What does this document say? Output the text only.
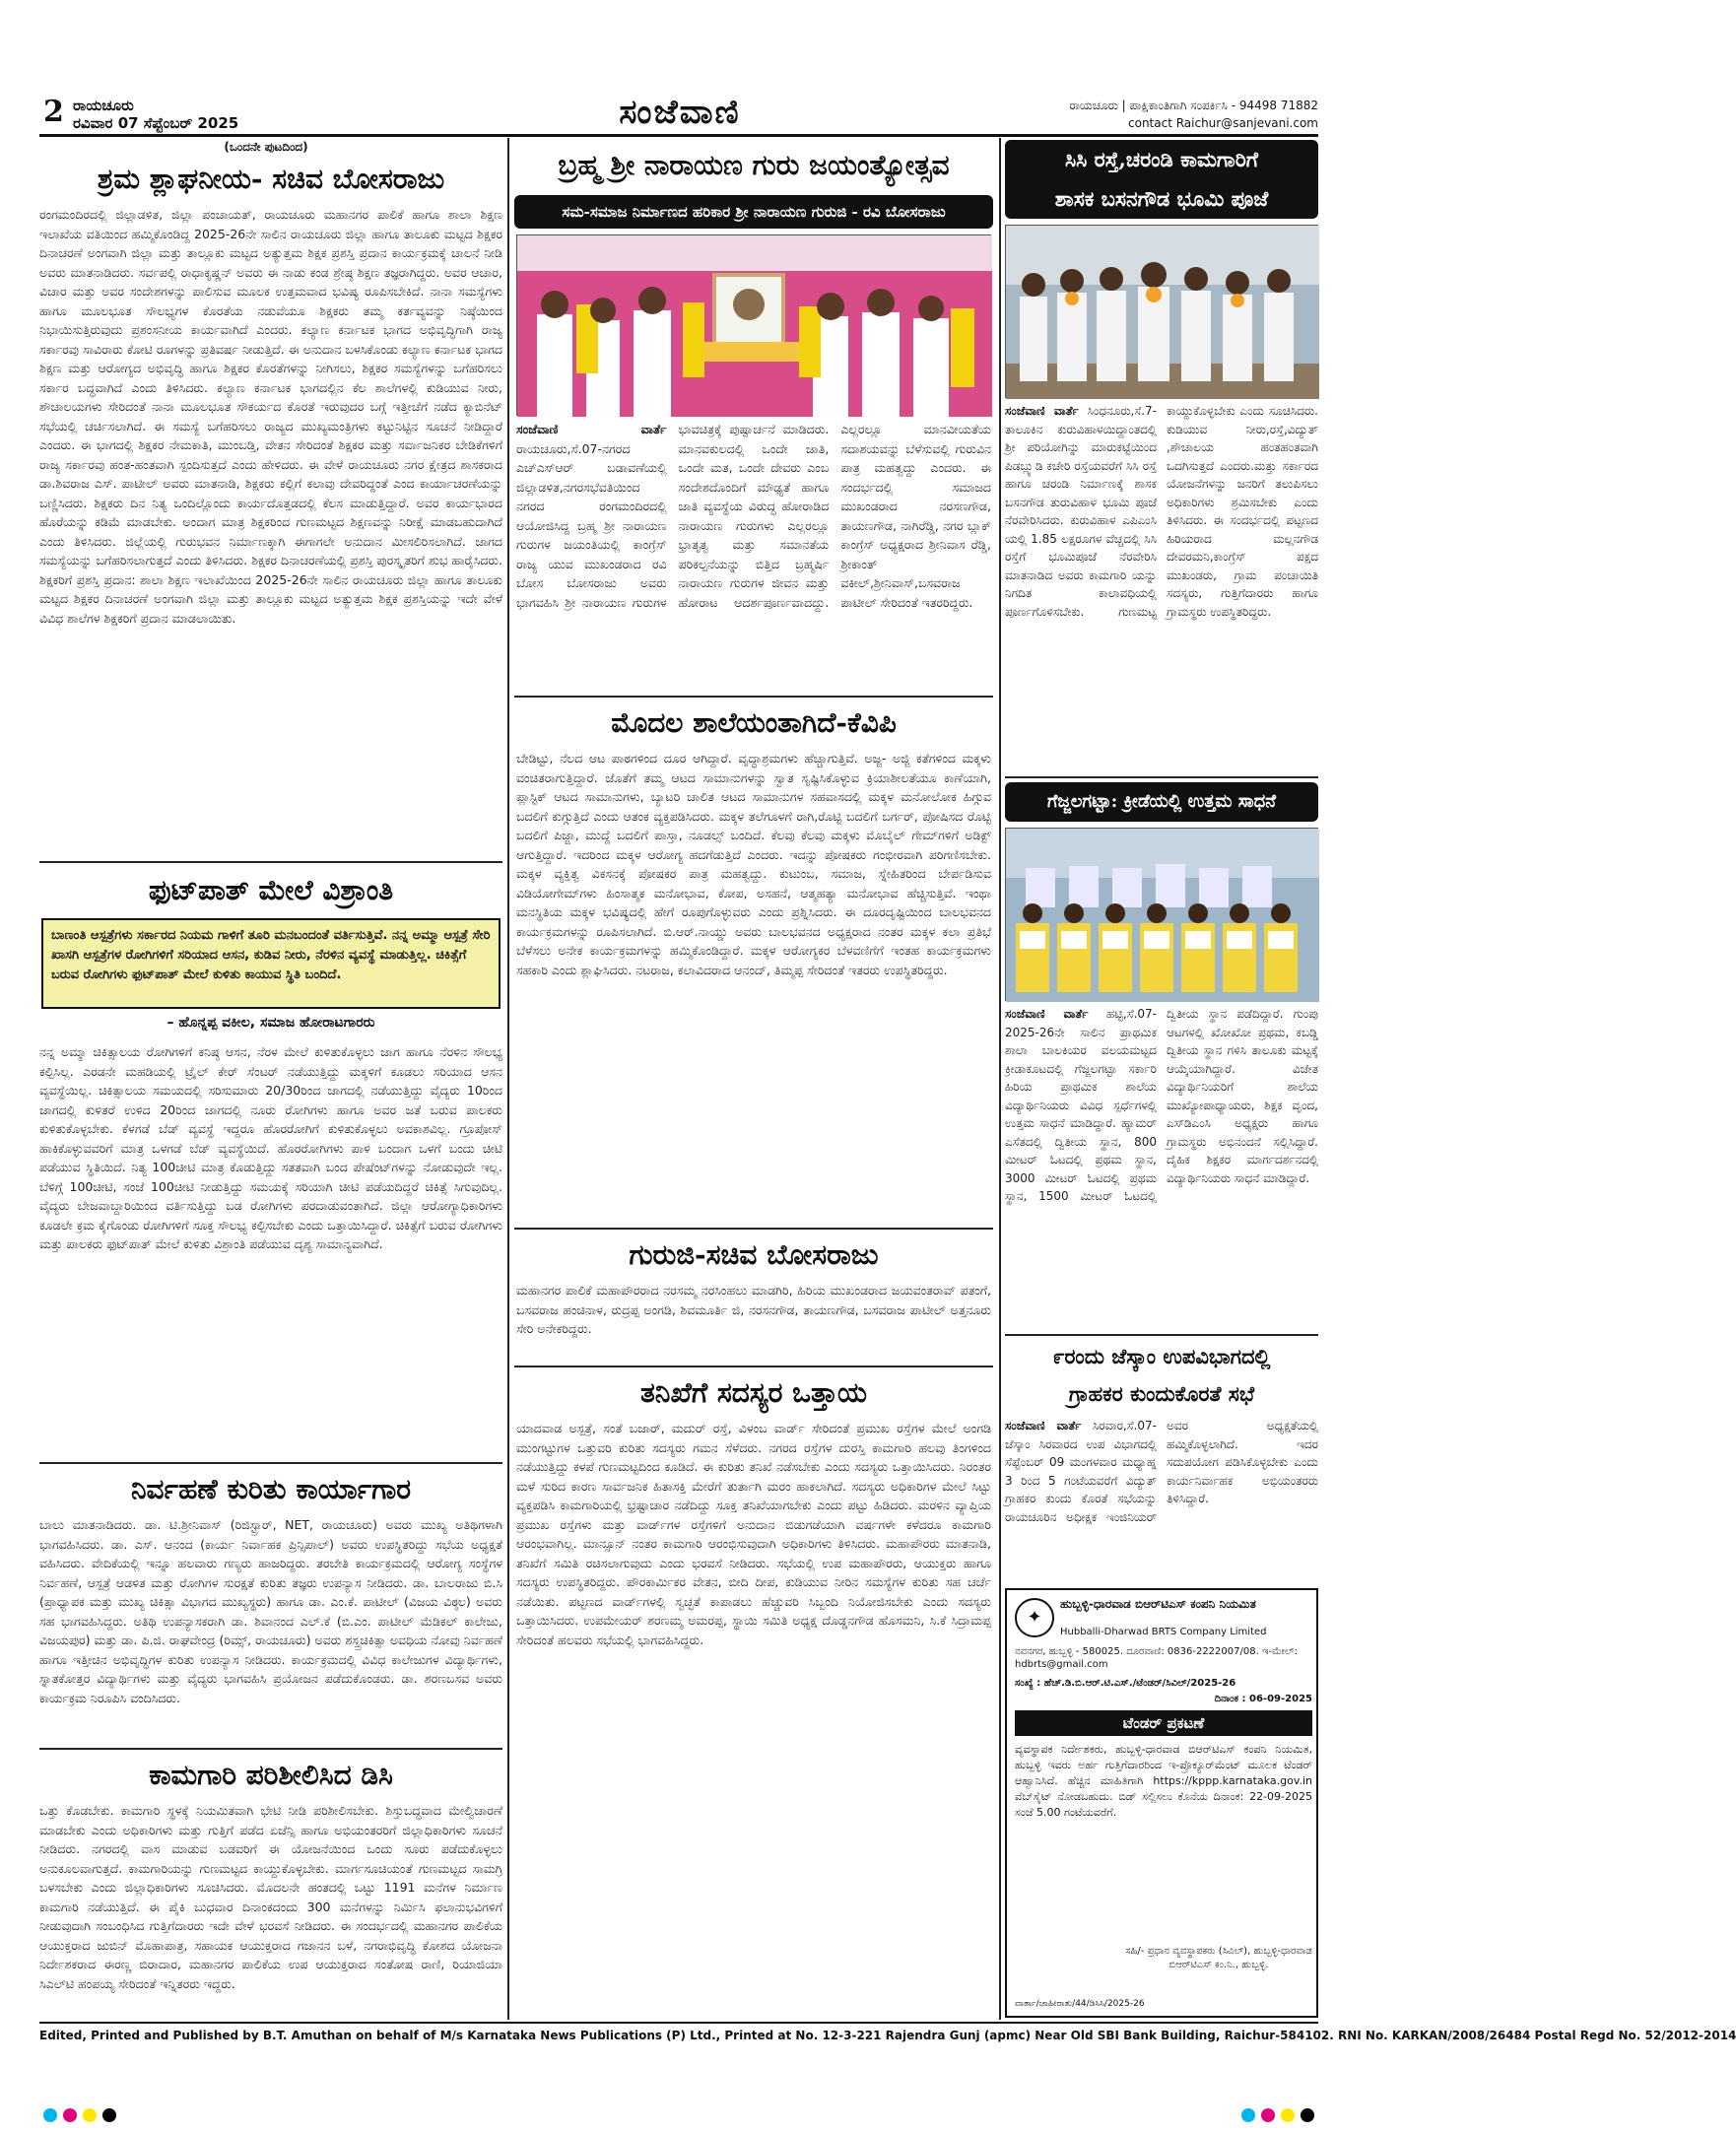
2 ರಾಯಚೂರು
ರವಿವಾರ 07 ಸೆಪ್ಟೆಂಬರ್ 2025	ಸಂಜೆವಾಣಿ	ರಾಯಚೂರು | ಪಾಕ್ಷಿಕಾಂತಿಗಾಗಿ ಸಂಪರ್ಕಿಸಿ - 94498 71882
contact Raichur@sanjevani.com
(ಒಂದನೇ ಪುಟದಿಂದ)
ಶ್ರಮ ಶ್ಲಾಘನೀಯ- ಸಚಿವ ಬೋಸರಾಜು
ರಂಗಮಂದಿರದಲ್ಲಿ ಜಿಲ್ಲಾಡಳಿತ, ಜಿಲ್ಲಾ ಪಂಚಾಯತ್, ರಾಯಚೂರು ಮಹಾನಗರ ಪಾಲಿಕೆ ಹಾಗೂ ಶಾಲಾ ಶಿಕ್ಷಣ ಇಲಾಖೆಯ ವತಿಯಿಂದ ಹಮ್ಮಿಕೊಂಡಿದ್ದ 2025-26ನೇ ಸಾಲಿನ ರಾಯಚೂರು ಜಿಲ್ಲಾ ಹಾಗೂ ತಾಲೂಕು ಮಟ್ಟದ ಶಿಕ್ಷಕರ ದಿನಾಚರಣೆ ಅಂಗವಾಗಿ ಜಿಲ್ಲಾ ಮತ್ತು ತಾಲ್ಲೂಕು ಮಟ್ಟದ ಅತ್ಯುತ್ತಮ ಶಿಕ್ಷಕ ಪ್ರಶಸ್ತಿ ಪ್ರದಾನ ಕಾರ್ಯಕ್ರಮಕ್ಕೆ ಚಾಲನೆ ನೀಡಿ ಅವರು ಮಾತನಾಡಿದರು. ಸರ್ವಪಲ್ಲಿ ರಾಧಾಕೃಷ್ಣನ್ ಅವರು ಈ ನಾಡು ಕಂಡ ಶ್ರೇಷ್ಠ ಶಿಕ್ಷಣ ತಜ್ಞರಾಗಿದ್ದರು. ಅವರ ಆಚಾರ, ವಿಚಾರ ಮತ್ತು ಅವರ ಸಂದೇಶಗಳನ್ನು ಪಾಲಿಸುವ ಮೂಲಕ ಉತ್ತಮವಾದ ಭವಿಷ್ಯ ರೂಪಿಸಬೇಕಿದೆ. ನಾನಾ ಸಮಸ್ಯೆಗಳು ಹಾಗೂ ಮೂಲಭೂತ ಸೌಲಭ್ಯಗಳ ಕೊರತೆಯ ನಡುವೆಯೂ ಶಿಕ್ಷಕರು ತಮ್ಮ ಕರ್ತವ್ಯವನ್ನು ನಿಷ್ಠೆಯಿಂದ ನಿಭಾಯಿಸುತ್ತಿರುವುದು ಪ್ರಶಂಸನೀಯ ಕಾರ್ಯವಾಗಿದೆ ಎಂದರು. ಕಲ್ಯಾಣ ಕರ್ನಾಟಕ ಭಾಗದ ಅಭಿವೃದ್ಧಿಗಾಗಿ ರಾಜ್ಯ ಸರ್ಕಾರವು ಸಾವಿರಾರು ಕೋಟಿ ರೂಗಳನ್ನು ಪ್ರತಿವರ್ಷ ನೀಡುತ್ತಿದೆ. ಈ ಅನುದಾನ ಬಳಸಿಕೊಂಡು ಕಲ್ಯಾಣ ಕರ್ನಾಟಕ ಭಾಗದ ಶಿಕ್ಷಣ ಮತ್ತು ಆರೋಗ್ಯದ ಅಭಿವೃದ್ಧಿ ಹಾಗೂ ಶಿಕ್ಷಕರ ಕೊರತೆಗಳನ್ನು ನೀಗಿಸಲು, ಶಿಕ್ಷಕರ ಸಮಸ್ಯೆಗಳನ್ನು ಬಗೆಹರಿಸಲು ಸರ್ಕಾರ ಬದ್ಧವಾಗಿದೆ ಎಂದು ತಿಳಿಸಿದರು. ಕಲ್ಯಾಣ ಕರ್ನಾಟಕ ಭಾಗದಲ್ಲಿನ ಕೆಲ ಶಾಲೆಗಳಲ್ಲಿ ಕುಡಿಯುವ ನೀರು, ಶೌಚಾಲಯಗಳು ಸೇರಿದಂತೆ ನಾನಾ ಮೂಲಭೂತ ಸೌಕರ್ಯದ ಕೊರತೆ ಇರುವುದರ ಬಗ್ಗೆ ಇತ್ತೀಚೆಗೆ ನಡೆದ ಕ್ಯಾಬಿನೆಟ್ ಸಭೆಯಲ್ಲಿ ಚರ್ಚಿಸಲಾಗಿದೆ. ಈ ಸಮಸ್ಯೆ ಬಗೆಹರಿಸಲು ರಾಜ್ಯದ ಮುಖ್ಯಮಂತ್ರಿಗಳು ಕಟ್ಟುನಿಟ್ಟಿನ ಸೂಚನೆ ನೀಡಿದ್ದಾರೆ ಎಂದರು. ಈ ಭಾಗದಲ್ಲಿ ಶಿಕ್ಷಕರ ನೇಮಕಾತಿ, ಮುಂಬಡ್ತಿ, ವೇತನ ಸೇರಿದಂತೆ ಶಿಕ್ಷಕರ ಮತ್ತು ಸರ್ವಾಜನಿಕರ ಬೇಡಿಕೆಗಳಿಗೆ ರಾಜ್ಯ ಸರ್ಕಾರವು ಹಂತ-ಹಂತವಾಗಿ ಸ್ಪಂದಿಸುತ್ತದೆ ಎಂದು ಹೇಳಿದರು. ಈ ವೇಳೆ ರಾಯಚೂರು ನಗರ ಕ್ಷೇತ್ರದ ಶಾಸಕರಾದ ಡಾ.ಶಿವರಾಜ ಎಸ್. ಪಾಟೀಲ್ ಅವರು ಮಾತನಾಡಿ, ಶಿಕ್ಷಕರು ಕಲ್ಲಿಗೆ ಕಲಾವು ದೇವರಿದ್ದಂತೆ ಎಂದ ಕಾರ್ಯಾಚರಣೆಯನ್ನು ಬಣ್ಣಿಸಿದರು. ಶಿಕ್ಷಕರು ದಿನ ನಿತ್ಯ ಒಂದಿಲ್ಲೊಂದು ಕಾರ್ಯದೊತ್ತಡದಲ್ಲಿ ಕೆಲಸ ಮಾಡುತ್ತಿದ್ದಾರೆ. ಅವರ ಕಾರ್ಯಭಾರದ ಹೊರೆಯನ್ನು ಕಡಿಮೆ ಮಾಡಬೇಕು. ಅಂದಾಗ ಮಾತ್ರ ಶಿಕ್ಷಕರಿಂದ ಗುಣಮಟ್ಟದ ಶಿಕ್ಷಣವನ್ನು ನಿರೀಕ್ಷೆ ಮಾಡಬಹುದಾಗಿದೆ ಎಂದು ತಿಳಿಸಿದರು. ಜಿಲ್ಲೆಯಲ್ಲಿ ಗುರುಭವನ ನಿರ್ಮಾಣಕ್ಕಾಗಿ ಈಗಾಗಲೇ ಅನುದಾನ ಮೀಸಲಿರಿಸಲಾಗಿದೆ. ಜಾಗದ ಸಮಸ್ಯೆಯನ್ನು ಬಗೆಹರಿಸಲಾಗುತ್ತದೆ ಎಂದು ತಿಳಿಸಿದರು. ಶಿಕ್ಷಕರ ದಿನಾಚರಣೆಯಲ್ಲಿ ಪ್ರಶಸ್ತಿ ಪುರಸ್ಕೃತರಿಗೆ ಶುಭ ಹಾರೈಸಿದರು. ಶಿಕ್ಷಕರಿಗೆ ಪ್ರಶಸ್ತಿ ಪ್ರದಾನ: ಶಾಲಾ ಶಿಕ್ಷಣ ಇಲಾಖೆಯಿಂದ 2025-26ನೇ ಸಾಲಿನ ರಾಯಚೂರು ಜಿಲ್ಲಾ ಹಾಗೂ ತಾಲೂಕು ಮಟ್ಟದ ಶಿಕ್ಷಕರ ದಿನಾಚರಣೆ ಅಂಗವಾಗಿ ಜಿಲ್ಲಾ ಮತ್ತು ತಾಲ್ಲೂಕು ಮಟ್ಟದ ಅತ್ಯುತ್ತಮ ಶಿಕ್ಷಕ ಪ್ರಶಸ್ತಿಯನ್ನು ಇದೇ ವೇಳೆ ವಿವಿಧ ಶಾಲೆಗಳ ಶಿಕ್ಷಕರಿಗೆ ಪ್ರದಾನ ಮಾಡಲಾಯಿತು.
ಫುಟ್‌ಪಾತ್ ಮೇಲೆ ವಿಶ್ರಾಂತಿ
ಬಾಣಂತಿ ಆಸ್ಪತ್ರೆಗಳು ಸರ್ಕಾರದ ನಿಯಮ ಗಾಳಿಗೆ ತೂರಿ ಮನಬಂದಂತೆ ವರ್ತಿಸುತ್ತಿವೆ. ನನ್ನ ಅಮ್ಮಾ ಆಸ್ಪತ್ರೆ ಸೇರಿ ಖಾಸಗಿ ಆಸ್ಪತ್ರೆಗಳ ರೋಗಿಗಳಿಗೆ ಸರಿಯಾದ ಆಸನ, ಕುಡಿವ ನೀರು, ನೆರಳಿನ ವ್ಯವಸ್ಥೆ ಮಾಡುತ್ತಿಲ್ಲ. ಚಿಕಿತ್ಸೆಗೆ ಬರುವ ರೋಗಿಗಳು ಫುಟ್‌ಪಾತ್ ಮೇಲೆ ಕುಳಿತು ಕಾಯುವ ಸ್ಥಿತಿ ಬಂದಿದೆ.
– ಹೊನ್ನಪ್ಪ ವಕೀಲ, ಸಮಾಜ ಹೋರಾಟಗಾರರು
ನನ್ನ ಅಮ್ಮಾ ಚಿಕಿತ್ಸಾಲಯ ರೋಗಿಗಳಿಗೆ ಕನಿಷ್ಠ ಆಸನ, ನೆರಳ ಮೇಲೆ ಕುಳಿತುಕೊಳ್ಳಲು ಜಾಗ ಹಾಗೂ ನೆರಳಿನ ಸೌಲಭ್ಯ ಕಲ್ಪಿಸಿಲ್ಲ. ಎರಡನೇ ಮಹಡಿಯಲ್ಲಿ ಟ್ರೈಲ್ ಕೇರ್ ಸೆಂಟರ್ ನಡೆಯುತ್ತಿದ್ದು ಮಕ್ಕಳಿಗೆ ಕೂಡಲು ಸರಿಯಾದ ಆಸನ ವ್ಯವಸ್ಥೆಯಿಲ್ಲ. ಚಿಕಿತ್ಸಾಲಯ ಸಮಯದಲ್ಲಿ ಸರಿಸುಮಾರು 20/30ರಿಂದ ಜಾಗದಲ್ಲಿ ನಡೆಯುತ್ತಿದ್ದು ವೈದ್ಯರು 10ರಿಂದ ಜಾಗದಲ್ಲಿ ಕುಳಿತರೆ ಉಳಿದ 20ರಿಂದ ಜಾಗದಲ್ಲಿ ನೂರು ರೋಗಿಗಳು ಹಾಗೂ ಅವರ ಜತೆ ಬರುವ ಪಾಲಕರು ಕುಳಿತುಕೊಳ್ಳಬೇಕು. ಕೆಳಗಡೆ ಬೆಡ್ ವ್ಯವಸ್ಥೆ ಇದ್ದರೂ ಹೊರರೋಗಿಗೆ ಕುಳಿತುಕೊಳ್ಳಲು ಅವಕಾಶವಿಲ್ಲ. ಗ್ರೂಪೋಸ್ ಹಾಕಿಕೊಳ್ಳುವವರಿಗೆ ಮಾತ್ರ ಒಳಗಡೆ ಬೆಡ್ ವ್ಯವಸ್ಥೆಯಿದೆ. ಹೊರರೋಗಿಗಳು ಪಾಳಿ ಬಂದಾಗ ಒಳಗೆ ಬಂದು ಚೀಟಿ ಪಡೆಯುವ ಸ್ಥಿತಿಯಿದೆ. ನಿತ್ಯ 100ಚೀಟಿ ಮಾತ್ರ ಕೊಡುತ್ತಿದ್ದು ಸತತವಾಗಿ ಬಂದ ಪೇಷೆಂಟ್‌ಗಳನ್ನು ನೋಡುವುದೇ ಇಲ್ಲ. ಬೆಳಿಗ್ಗೆ 100ಚೀಟಿ, ಸಂಜೆ 100ಚೀಟಿ ನೀಡುತ್ತಿದ್ದು ಸಮಯಕ್ಕೆ ಸರಿಯಾಗಿ ಚೀಟಿ ಪಡೆಯದಿದ್ದರೆ ಚಿಕಿತ್ಸೆ ಸಿಗುವುದಿಲ್ಲ. ವೈದ್ಯರು ಬೇಜವಾಬ್ದಾರಿಯಿಂದ ವರ್ತಿಸುತ್ತಿದ್ದು ಬಡ ರೋಗಿಗಳು ಪರದಾಡುವಂತಾಗಿದೆ. ಜಿಲ್ಲಾ ಆರೋಗ್ಯಾಧಿಕಾರಿಗಳು ಕೂಡಲೇ ಕ್ರಮ ಕೈಗೊಂಡು ರೋಗಿಗಳಿಗೆ ಸೂಕ್ತ ಸೌಲಭ್ಯ ಕಲ್ಪಿಸಬೇಕು ಎಂದು ಒತ್ತಾಯಿಸಿದ್ದಾರೆ. ಚಿಕಿತ್ಸೆಗೆ ಬರುವ ರೋಗಿಗಳು ಮತ್ತು ಪಾಲಕರು ಫುಟ್‌ಪಾತ್ ಮೇಲೆ ಕುಳಿತು ವಿಶ್ರಾಂತಿ ಪಡೆಯುವ ದೃಶ್ಯ ಸಾಮಾನ್ಯವಾಗಿದೆ.
ನಿರ್ವಹಣೆ ಕುರಿತು ಕಾರ್ಯಾಗಾರ
ಬಾಲು ಮಾತನಾಡಿದರು. ಡಾ. ಟಿ.ಶ್ರೀನಿವಾಸ್ (ರಿಜಿಸ್ಟ್ರಾರ್, NET, ರಾಯಚೂರು) ಅವರು ಮುಖ್ಯ ಅತಿಥಿಗಳಾಗಿ ಭಾಗವಹಿಸಿದರು. ಡಾ. ಎಸ್. ಆನಂದ (ಕಾರ್ಯ ನಿರ್ವಾಹಕ ಪ್ರಿನ್ಸಿಪಾಲ್) ಅವರು ಉಪಸ್ಥಿತರಿದ್ದು ಸಭೆಯ ಅಧ್ಯಕ್ಷತೆ ವಹಿಸಿದರು. ವೇದಿಕೆಯಲ್ಲಿ ಇನ್ನೂ ಹಲವಾರು ಗಣ್ಯರು ಹಾಜರಿದ್ದರು. ತರಬೇತಿ ಕಾರ್ಯಕ್ರಮದಲ್ಲಿ ಆರೋಗ್ಯ ಸಂಸ್ಥೆಗಳ ನಿರ್ವಹಣೆ, ಆಸ್ಪತ್ರೆ ಆಡಳಿತ ಮತ್ತು ರೋಗಿಗಳ ಸುರಕ್ಷತೆ ಕುರಿತು ತಜ್ಞರು ಉಪನ್ಯಾಸ ನೀಡಿದರು. ಡಾ. ಬಾಲರಾಜು ಬಿ.ಸಿ (ಪ್ರಾಧ್ಯಾಪಕ ಮತ್ತು ಮುಖ್ಯ ಚಿಕಿತ್ಸಾ ವಿಭಾಗದ ಮುಖ್ಯಸ್ಥರು) ಹಾಗೂ ಡಾ. ಎಂ.ಕೆ. ಪಾಟೀಲ್ (ವಿಜಯ ವಿಠ್ಠಲ) ಅವರು ಸಹ ಭಾಗವಹಿಸಿದ್ದರು. ಅತಿಥಿ ಉಪನ್ಯಾಸಕರಾಗಿ ಡಾ. ಶಿವಾನಂದ ಎಲ್.ಕೆ (ಬಿ.ಎಂ. ಪಾಟೀಲ್ ಮೆಡಿಕಲ್ ಕಾಲೇಜು, ವಿಜಯಪುರ) ಮತ್ತು ಡಾ. ಪಿ.ಜಿ. ರಾಘವೇಂದ್ರ (ರಿಮ್ಸ್, ರಾಯಚೂರು) ಅವರು ಶಸ್ತ್ರಚಿಕಿತ್ಸಾ ಅವಧಿಯ ನೋವು ನಿರ್ವಹಣೆ ಹಾಗೂ ಇತ್ತೀಚಿನ ಅಭಿವೃದ್ಧಿಗಳ ಕುರಿತು ಉಪನ್ಯಾಸ ನೀಡಿದರು. ಕಾರ್ಯಕ್ರಮದಲ್ಲಿ ವಿವಿಧ ಕಾಲೇಜುಗಳ ವಿದ್ಯಾರ್ಥಿಗಳು, ಸ್ನಾತಕೋತ್ತರ ವಿದ್ಯಾರ್ಥಿಗಳು ಮತ್ತು ವೈದ್ಯರು ಭಾಗವಹಿಸಿ ಪ್ರಯೋಜನ ಪಡೆದುಕೊಂಡರು. ಡಾ. ಶರಣಬಸವ ಅವರು ಕಾರ್ಯಕ್ರಮ ನಿರೂಪಿಸಿ ವಂದಿಸಿದರು.
ಕಾಮಗಾರಿ ಪರಿಶೀಲಿಸಿದ ಡಿಸಿ
ಒತ್ತು ಕೊಡಬೇಕು. ಕಾಮಗಾರಿ ಸ್ಥಳಕ್ಕೆ ನಿಯಮಿತವಾಗಿ ಭೇಟಿ ನೀಡಿ ಪರಿಶೀಲಿಸಬೇಕು. ಶಿಸ್ತುಬದ್ಧವಾದ ಮೇಲ್ವಿಚಾರಣೆ ಮಾಡಬೇಕು ಎಂದು ಅಧಿಕಾರಿಗಳು ಮತ್ತು ಗುತ್ತಿಗೆ ಪಡೆದ ಏಜೆನ್ಸಿ ಹಾಗೂ ಅಭಿಯಂತರರಿಗೆ ಜಿಲ್ಲಾಧಿಕಾರಿಗಳು ಸೂಚನೆ ನೀಡಿದರು. ನಗರದಲ್ಲಿ ವಾಸ ಮಾಡುವ ಬಡವರಿಗೆ ಈ ಯೋಜನೆಯಿಂದ ಒಂದು ಸೂರು ಪಡೆದುಕೊಳ್ಳಲು ಅನುಕೂಲವಾಗುತ್ತದೆ. ಕಾಮಗಾರಿಯನ್ನು ಗುಣಮಟ್ಟದ ಕಾಯ್ದುಕೊಳ್ಳಬೇಕು. ಮಾರ್ಗಸೂಚಿಯಂತೆ ಗುಣಮಟ್ಟದ ಸಾಮಗ್ರಿ ಬಳಸಬೇಕು ಎಂದು ಜಿಲ್ಲಾಧಿಕಾರಿಗಳು ಸೂಚಿಸಿದರು. ಮೊದಲನೇ ಹಂತದಲ್ಲಿ ಒಟ್ಟು 1191 ಮನೆಗಳ ನಿರ್ಮಾಣ ಕಾಮಗಾರಿ ನಡೆಯುತ್ತಿದೆ. ಈ ಪೈಕಿ ಬುಧವಾರ ದಿನಾಂಕದಂದು 300 ಮನೆಗಳನ್ನು ನಿರ್ಮಿಸಿ ಫಲಾನುಭವಿಗಳಿಗೆ ನೀಡುವುದಾಗಿ ಸಂಬಂಧಿಸಿದ ಗುತ್ತಿಗೆದಾರರು ಇದೇ ವೇಳೆ ಭರವಸೆ ನೀಡಿದರು. ಈ ಸಂದರ್ಭದಲ್ಲಿ ಮಹಾನಗರ ಪಾಲಿಕೆಯ ಆಯುಕ್ತರಾದ ಜುಬಿನ್ ಮೊಹಾಪಾತ್ರ, ಸಹಾಯಕ ಆಯುಕ್ತರಾದ ಗಜಾನನ ಬಳೆ, ನಗರಾಭಿವೃದ್ಧಿ ಕೋಶದ ಯೋಜನಾ ನಿರ್ದೇಶಕರಾದ ಈರಣ್ಣ ಬಿರಾದಾರ, ಮಹಾನಗರ ಪಾಲಿಕೆಯ ಉಪ ಆಯುಕ್ತರಾದ ಸಂತೋಷ ರಾಣಿ, ರಿಯಾಜಿಯಾ ಸಿಎಲ್‌ಟಿ ಹಂಪಯ್ಯ ಸೇರಿದಂತೆ ಇನ್ನಿತರರು ಇದ್ದರು.
ಬ್ರಹ್ಮ ಶ್ರೀ ನಾರಾಯಣ ಗುರು ಜಯಂತ್ಯೋತ್ಸವ
ಸಮ-ಸಮಾಜ ನಿರ್ಮಾಣದ ಹರಿಕಾರ ಶ್ರೀ ನಾರಾಯಣ ಗುರುಜಿ - ರವಿ ಬೋಸರಾಜು
ಸಂಜೆವಾಣಿ ವಾರ್ತೆ ರಾಯಚೂರು,ಸೆ.07-ನಗರದ ಎಚ್‌ಎಸ್‌ಆರ್ ಬಡಾವಣೆಯಲ್ಲಿ ಜಿಲ್ಲಾಡಳಿತ,ನಗರಸಭೆವತಿಯಿಂದ ನಗರದ ರಂಗಮಂದಿರದಲ್ಲಿ ಆಯೋಜಿಸಿದ್ದ ಬ್ರಹ್ಮ ಶ್ರೀ ನಾರಾಯಣ ಗುರುಗಳ ಜಯಂತಿಯಲ್ಲಿ ಕಾಂಗ್ರೆಸ್ ರಾಜ್ಯ ಯುವ ಮುಖಂಡರಾದ ರವಿ ಬೋಸ ಬೋಸರಾಜು ಅವರು ಭಾಗವಹಿಸಿ ಶ್ರೀ ನಾರಾಯಣ ಗುರುಗಳ ಭಾವಚಿತ್ರಕ್ಕೆ ಪುಷ್ಪಾರ್ಚನೆ ಮಾಡಿದರು. ಮಾನವಕುಲದಲ್ಲಿ ಒಂದೇ ಜಾತಿ, ಒಂದೇ ಮತ, ಒಂದೇ ದೇವರು ಎಂಬ ಸಂದೇಶದೊಂದಿಗೆ ಮೌಢ್ಯತೆ ಹಾಗೂ ಜಾತಿ ವ್ಯವಸ್ಥೆಯ ವಿರುದ್ಧ ಹೋರಾಡಿದ ನಾರಾಯಣ ಗುರುಗಳು ಎಲ್ಲರಲ್ಲೂ ಭ್ರಾತೃತ್ವ ಮತ್ತು ಸಮಾನತೆಯ ಪರಿಕಲ್ಪನೆಯನ್ನು ಬಿತ್ತಿದ ಬ್ರಹ್ಮರ್ಷಿ ನಾರಾಯಣ ಗುರುಗಳ ಜೀವನ ಮತ್ತು ಹೋರಾಟ ಆದರ್ಶಪೂರ್ಣವಾದದ್ದು. ಎಲ್ಲರಲ್ಲೂ ಮಾನವೀಯತೆಯ ಸದಾಶಯವನ್ನು ಬೆಳೆಸುವಲ್ಲಿ ಗುರುವಿನ ಪಾತ್ರ ಮಹತ್ವದ್ದು ಎಂದರು. ಈ ಸಂದರ್ಭದಲ್ಲಿ ಸಮಾಜದ ಮುಖಂಡರಾದ ನರಸಣಗೌಡ, ತಾಯಣಗೌಡ, ನಾಗಿರೆಡ್ಡಿ, ನಗರ ಬ್ಲಾಕ್ ಕಾಂಗ್ರೆಸ್ ಅಧ್ಯಕ್ಷರಾದ ಶ್ರೀನಿವಾಸ ರೆಡ್ಡಿ, ಶ್ರೀಕಾಂತ್ ವಕೀಲ್,ಶ್ರೀನಿವಾಸ್,ಬಸವರಾಜ ಪಾಟೀಲ್ ಸೇರಿದಂತೆ ಇತರರಿದ್ದರು.
ಮೊದಲ ಶಾಲೆಯಂತಾಗಿದೆ-ಕೆವಿಪಿ
ಬೇಡಿಟ್ಟು, ನೆಲದ ಆಟ ಪಾಠಗಳಿಂದ ದೂರ ಆಗಿದ್ದಾರೆ. ವೃದ್ಧಾಶ್ರಮಗಳು ಹೆಚ್ಚಾಗುತ್ತಿವೆ. ಅಜ್ಜ- ಅಜ್ಜಿ ಕತೆಗಳಿಂದ ಮಕ್ಕಳು ವಂಚಿತರಾಗುತ್ತಿದ್ದಾರೆ. ಜೊತೆಗೆ ತಮ್ಮ ಆಟದ ಸಾಮಾನುಗಳನ್ನು ಸ್ವಾತ ಸೃಷ್ಟಿಸಿಕೊಳ್ಳುವ ಕ್ರಿಯಾಶೀಲತೆಯೂ ಕಾಣೆಯಾಗಿ, ಪ್ಲಾಸ್ಟಿಕ್ ಆಟದ ಸಾಮಾನುಗಳು, ಬ್ಯಾಟರಿ ಚಾಲಿತ ಆಟದ ಸಾಮಾನುಗಳ ಸಹವಾಸದಲ್ಲಿ ಮಕ್ಕಳ ಮನೋಲೋಕ ಹಿಗ್ಗುವ ಬದಲಿಗೆ ಕುಗ್ಗುತ್ತಿದೆ ಎಂದು ಆತಂಕ ವ್ಯಕ್ತಪಡಿಸಿದರು. ಮಕ್ಕಳ ತಲೆಗೂಳಗೆ ರಾಗಿ,ರೊಟ್ಟಿ ಬದಲಿಗೆ ಬರ್ಗರ್, ಪೋಷಿಸದ ರೊಟ್ಟಿ ಬದಲಿಗೆ ಪಿಜ್ಜಾ, ಮುದ್ದೆ ಬದಲಿಗೆ ಪಾಸ್ತಾ, ನೂಡಲ್ಸ್ ಬಂದಿದೆ. ಕೆಲವು ಕೆಲವು ಮಕ್ಕಳು ಮೊಬೈಲ್ ಗೇಮ್‌ಗಳಿಗೆ ಅಡಿಕ್ಟ್ ಆಗುತ್ತಿದ್ದಾರೆ. ಇದರಿಂದ ಮಕ್ಕಳ ಆರೋಗ್ಯ ಹದಗೆಡುತ್ತಿದೆ ಎಂದರು. ಇದನ್ನು ಪೋಷಕರು ಗಂಭೀರವಾಗಿ ಪರಿಗಣಿಸಬೇಕು. ಮಕ್ಕಳ ವ್ಯಕ್ತಿತ್ವ ವಿಕಸನಕ್ಕೆ ಪೋಷಕರ ಪಾತ್ರ ಮಹತ್ವದ್ದು. ಕುಟುಂಬ, ಸಮಾಜ, ಸ್ನೇಹಿತರಿಂದ ಬೇರ್ಪಡಿಸುವ ವಿಡಿಯೋಗೇಮ್‌ಗಳು ಹಿಂಸಾತ್ಮಕ ಮನೋಭಾವ, ಕೋಪ, ಅಸಹನೆ, ಆತ್ಮಹತ್ಯಾ ಮನೋಭಾವ ಹೆಚ್ಚಿಸುತ್ತಿವೆ. ಇಂಥಾ ಮನಸ್ಥಿತಿಯ ಮಕ್ಕಳ ಭವಿಷ್ಯದಲ್ಲಿ ಹೇಗೆ ರೂಪುಗೊಳ್ಳುವರು ಎಂದು ಪ್ರಶ್ನಿಸಿದರು. ಈ ದೂರದೃಷ್ಟಿಯಿಂದ ಬಾಲಭವನದ ಕಾರ್ಯಕ್ರಮಗಳನ್ನು ರೂಪಿಸಲಾಗಿದೆ. ಬಿ.ಆರ್.ನಾಯ್ಡು ಅವರು ಬಾಲಭವನದ ಅಧ್ಯಕ್ಷರಾದ ನಂತರ ಮಕ್ಕಳ ಕಲಾ ಪ್ರತಿಭೆ ಬೆಳೆಸಲು ಅನೇಕ ಕಾರ್ಯಕ್ರಮಗಳನ್ನು ಹಮ್ಮಿಕೊಂಡಿದ್ದಾರೆ. ಮಕ್ಕಳ ಆರೋಗ್ಯಕರ ಬೆಳವಣಿಗೆಗೆ ಇಂತಹ ಕಾರ್ಯಕ್ರಮಗಳು ಸಹಕಾರಿ ಎಂದು ಶ್ಲಾಘಿಸಿದರು. ನಟರಾಜ, ಕಲಾವಿದರಾದ ಆನಂದ್, ತಿಮ್ಮಪ್ಪ ಸೇರಿದಂತೆ ಇತರರು ಉಪಸ್ಥಿತರಿದ್ದರು.
ಗುರುಜಿ-ಸಚಿವ ಬೋಸರಾಜು
ಮಹಾನಗರ ಪಾಲಿಕೆ ಮಹಾಪೌರರಾದ ನರಸಮ್ಮ ನರಸಿಂಹಲು ಮಾಡಗಿರಿ, ಹಿರಿಯ ಮುಖಂಡರಾದ ಜಯವಂತರಾವ್ ಪತಂಗೆ, ಬಸವರಾಜ ಹಂಚಿನಾಳ, ರುದ್ರಪ್ಪ ಅಂಗಡಿ, ಶಿವಮೂರ್ತಿ ಜಿ, ನರಸನಗೌಡ, ತಾಯಣಗೌಡ, ಬಸವರಾಜ ಪಾಟೀಲ್ ಅತ್ತನೂರು ಸೇರಿ ಅನೇಕರಿದ್ದರು.
ತನಿಖೆಗೆ ಸದಸ್ಯರ ಒತ್ತಾಯ
ಯಾದವಾಡ ಅಸ್ಪತ್ರೆ, ಸಂತೆ ಬಜಾರ್, ಮದುರ್ ರಸ್ತೆ, ವಿಳಂಬ ವಾರ್ಡ್ ಸೇರಿದಂತೆ ಪ್ರಮುಖ ರಸ್ತೆಗಳ ಮೇಲೆ ಅಂಗಡಿ ಮುಂಗಟ್ಟುಗಳ ಒತ್ತುವರಿ ಕುರಿತು ಸದಸ್ಯರು ಗಮನ ಸೆಳೆದರು. ನಗರದ ರಸ್ತೆಗಳ ದುರಸ್ತಿ ಕಾಮಗಾರಿ ಹಲವು ತಿಂಗಳಿಂದ ನಡೆಯುತ್ತಿದ್ದು ಕಳಪೆ ಗುಣಮಟ್ಟದಿಂದ ಕೂಡಿದೆ. ಈ ಕುರಿತು ತನಿಖೆ ನಡೆಸಬೇಕು ಎಂದು ಸದಸ್ಯರು ಒತ್ತಾಯಿಸಿದರು. ನಿರಂತರ ಮಳೆ ಸುರಿದ ಕಾರಣ ಸಾರ್ವಜನಿಕ ಹಿತಾಸಕ್ತಿ ಮೇರೆಗೆ ತುರ್ತಾಗಿ ಮರಂ ಹಾಕಲಾಗಿದೆ. ಸದಸ್ಯರು ಅಧಿಕಾರಿಗಳ ಮೇಲೆ ಸಿಟ್ಟು ವ್ಯಕ್ತಪಡಿಸಿ ಕಾಮಗಾರಿಯಲ್ಲಿ ಭ್ರಷ್ಟಾಚಾರ ನಡೆದಿದ್ದು ಸೂಕ್ತ ತನಿಖೆಯಾಗಬೇಕು ಎಂದು ಪಟ್ಟು ಹಿಡಿದರು. ಮರಳಿನ ವ್ಯಾಪ್ತಿಯ ಪ್ರಮುಖ ರಸ್ತೆಗಳು ಮತ್ತು ವಾರ್ಡ್‌ಗಳ ರಸ್ತೆಗಳಿಗೆ ಅನುದಾನ ಬಿಡುಗಡೆಯಾಗಿ ವರ್ಷಗಳೇ ಕಳೆದರೂ ಕಾಮಗಾರಿ ಆರಂಭವಾಗಿಲ್ಲ. ಮಾನ್ಸೂನ್ ನಂತರ ಕಾಮಗಾರಿ ಆರಂಭಿಸುವುದಾಗಿ ಅಧಿಕಾರಿಗಳು ತಿಳಿಸಿದರು. ಮಹಾಪೌರರು ಮಾತನಾಡಿ, ತನಿಖೆಗೆ ಸಮಿತಿ ರಚಿಸಲಾಗುವುದು ಎಂದು ಭರವಸೆ ನೀಡಿದರು. ಸಭೆಯಲ್ಲಿ ಉಪ ಮಹಾಪೌರರು, ಆಯುಕ್ತರು ಹಾಗೂ ಸದಸ್ಯರು ಉಪಸ್ಥಿತರಿದ್ದರು. ಪೌರಕಾರ್ಮಿಕರ ವೇತನ, ಬೀದಿ ದೀಪ, ಕುಡಿಯುವ ನೀರಿನ ಸಮಸ್ಯೆಗಳ ಕುರಿತು ಸಹ ಚರ್ಚೆ ನಡೆಯಿತು. ಪಟ್ಟಣದ ವಾರ್ಡ್‌ಗಳಲ್ಲಿ ಸ್ವಚ್ಛತೆ ಕಾಪಾಡಲು ಹೆಚ್ಚುವರಿ ಸಿಬ್ಬಂದಿ ನಿಯೋಜಿಸಬೇಕು ಎಂದು ಸದಸ್ಯರು ಒತ್ತಾಯಿಸಿದರು. ಉಪಮೇಯರ್ ಶರಣಮ್ಮ ಅಮರಪ್ಪ, ಸ್ಥಾಯಿ ಸಮಿತಿ ಅಧ್ಯಕ್ಷ ದೊಡ್ಡನಗೌಡ ಹೊಸಮನಿ, ಸಿ.ಕೆ ಸಿದ್ರಾಮಪ್ಪ ಸೇರಿದಂತೆ ಹಲವರು ಸಭೆಯಲ್ಲಿ ಭಾಗವಹಿಸಿದ್ದರು.
ಸಿಸಿ ರಸ್ತೆ,ಚರಂಡಿ ಕಾಮಗಾರಿಗೆ
ಶಾಸಕ ಬಸನಗೌಡ ಭೂಮಿ ಪೂಜೆ
ಸಂಜೆವಾಣಿ ವಾರ್ತೆ ಸಿಂಧನೂರು,ಸೆ.7- ತಾಲೂಕಿನ ಕುರುವಿಹಾಳಯಿದ್ದಾಂತದಲ್ಲಿ ಶ್ರೀ ಪರಿಯೋಗಿನ್ನು ಮಾರುಕಟ್ಟೆಯಿಂದ ಪಿಡಬ್ಲ್ಯುಡಿ ಕಚೇರಿ ರಸ್ತೆಯವರೆಗೆ ಸಿಸಿ ರಸ್ತೆ ಹಾಗೂ ಚರಂಡಿ ನಿರ್ಮಾಣಕ್ಕೆ ಶಾಸಕ ಬಸನಗೌಡ ತುರುವಿಹಾಳ ಭೂಮಿ ಪೂಜೆ ನೆರವೇರಿಸಿದರು. ಕುರುವಿಹಾಳ ಎಪಿಎಂಸಿ ಯಲ್ಲಿ 1.85 ಲಕ್ಷರೂಗಳ ವೆಚ್ಚದಲ್ಲಿ ಸಿಸಿ ರಸ್ತೆಗೆ ಭೂಮಿಪೂಜೆ ನೆರವೇರಿಸಿ ಮಾತನಾಡಿದ ಅವರು ಕಾಮಗಾರಿ ಯನ್ನು ನಿಗದಿತ ಕಾಲಾವಧಿಯಲ್ಲಿ ಪೂರ್ಣಗೊಳಿಸಬೇಕು. ಗುಣಮಟ್ಟ ಕಾಯ್ದುಕೊಳ್ಳಬೇಕು ಎಂದು ಸೂಚಿಸಿದರು. ಕುಡಿಯುವ ನೀರು,ರಸ್ತೆ,ವಿದ್ಯುತ್ ,ಶೌಚಾಲಯ ಹಂತಹಂತವಾಗಿ ಒದಗಿಸುತ್ತದೆ ಎಂದರು.ಮತ್ತು ಸರ್ಕಾರದ ಯೋಜನೆಗಳನ್ನು ಜನರಿಗೆ ತಲುಪಿಸಲು ಅಧಿಕಾರಿಗಳು ಶ್ರಮಿಸಬೇಕು ಎಂದು ತಿಳಿಸಿದರು. ಈ ಸಂದರ್ಭದಲ್ಲಿ ಪಟ್ಟಣದ ಹಿರಿಯರಾದ ಮಲ್ಲನಗೌಡ ದೇವರಮನಿ,ಕಾಂಗ್ರೆಸ್ ಪಕ್ಷದ ಮುಖಂಡರು, ಗ್ರಾಮ ಪಂಚಾಯಿತಿ ಸದಸ್ಯರು, ಗುತ್ತಿಗೆದಾರರು ಹಾಗೂ ಗ್ರಾಮಸ್ಥರು ಉಪಸ್ಥಿತರಿದ್ದರು.
ಗೆಜ್ಜಲಗಟ್ಟಾ: ಕ್ರೀಡೆಯಲ್ಲಿ ಉತ್ತಮ ಸಾಧನೆ
ಸಂಜೆವಾಣಿ ವಾರ್ತೆ ಹಟ್ಟಿ,ಸೆ.07-2025-26ನೇ ಸಾಲಿನ ಪ್ರಾಥಮಿಕ ಶಾಲಾ ಬಾಲಕಿಯರ ವಲಯಮಟ್ಟದ ಕ್ರೀಡಾಕೂಟದಲ್ಲಿ ಗೆಜ್ಜಲಗಟ್ಟಾ ಸರ್ಕಾರಿ ಹಿರಿಯ ಪ್ರಾಥಮಿಕ ಶಾಲೆಯ ವಿದ್ಯಾರ್ಥಿನಿಯರು ವಿವಿಧ ಸ್ಪರ್ಧೆಗಳಲ್ಲಿ ಉತ್ತಮ ಸಾಧನೆ ಮಾಡಿದ್ದಾರೆ. ಹ್ಯಾಮರ್ ಎಸೆತದಲ್ಲಿ ದ್ವಿತೀಯ ಸ್ಥಾನ, 800 ಮೀಟರ್ ಓಟದಲ್ಲಿ ಪ್ರಥಮ ಸ್ಥಾನ, 3000 ಮೀಟರ್ ಓಟದಲ್ಲಿ ಪ್ರಥಮ ಸ್ಥಾನ, 1500 ಮೀಟರ್ ಓಟದಲ್ಲಿ ದ್ವಿತೀಯ ಸ್ಥಾನ ಪಡೆದಿದ್ದಾರೆ. ಗುಂಪು ಆಟಗಳಲ್ಲಿ ಖೋಖೋ ಪ್ರಥಮ, ಕಬಡ್ಡಿ ದ್ವಿತೀಯ ಸ್ಥಾನ ಗಳಿಸಿ ತಾಲೂಕು ಮಟ್ಟಕ್ಕೆ ಆಯ್ಕೆಯಾಗಿದ್ದಾರೆ. ವಿಜೇತ ವಿದ್ಯಾರ್ಥಿನಿಯರಿಗೆ ಶಾಲೆಯ ಮುಖ್ಯೋಪಾಧ್ಯಾಯರು, ಶಿಕ್ಷಕ ವೃಂದ, ಎಸ್‌ಡಿಎಂಸಿ ಅಧ್ಯಕ್ಷರು ಹಾಗೂ ಗ್ರಾಮಸ್ಥರು ಅಭಿನಂದನೆ ಸಲ್ಲಿಸಿದ್ದಾರೆ. ದೈಹಿಕ ಶಿಕ್ಷಕರ ಮಾರ್ಗದರ್ಶನದಲ್ಲಿ ವಿದ್ಯಾರ್ಥಿನಿಯರು ಸಾಧನೆ ಮಾಡಿದ್ದಾರೆ.
೯ರಂದು ಜೆಸ್ಕಾಂ ಉಪವಿಭಾಗದಲ್ಲಿ
ಗ್ರಾಹಕರ ಕುಂದುಕೊರತೆ ಸಭೆ
ಸಂಜೆವಾಣಿ ವಾರ್ತೆ ಸಿರವಾರ,ಸೆ.07-ಜೆಸ್ಕಾಂ ಸಿರವಾರದ ಉಪ ವಿಭಾಗದಲ್ಲಿ ಸೆಪ್ಟೆಂಬರ್ 09 ಮಂಗಳವಾರ ಮಧ್ಯಾಹ್ನ 3 ರಿಂದ 5 ಗಂಟೆಯವರೆಗೆ ವಿದ್ಯುತ್ ಗ್ರಾಹಕರ ಕುಂದು ಕೊರತೆ ಸಭೆಯನ್ನು ರಾಯಚೂರಿನ ಅಧೀಕ್ಷಕ ಇಂಜಿನಿಯರ್ ಅವರ ಅಧ್ಯಕ್ಷತೆಯಲ್ಲಿ ಹಮ್ಮಿಕೊಳ್ಳಲಾಗಿದೆ. ಇದರ ಸದುಪಯೋಗ ಪಡಿಸಿಕೊಳ್ಳಬೇಕು ಎಂದು ಕಾರ್ಯನಿರ್ವಾಹಕ ಅಭಿಯಂತರರು ತಿಳಿಸಿದ್ದಾರೆ.
✦
ಹುಬ್ಬಳ್ಳಿ-ಧಾರವಾಡ ಬಿಆರ್‌ಟಿಎಸ್ ಕಂಪನಿ ನಿಯಮಿತ
Hubballi-Dharwad BRTS Company Limited
ನವನಗರ, ಹುಬ್ಬಳ್ಳಿ - 580025. ದೂರವಾಣಿ: 0836-2222007/08. ಇ-ಮೇಲ್: hdbrts@gmail.com
ಸಂಖ್ಯೆ : ಹೆಚ್.ಡಿ.ಬಿ.ಆರ್.ಟಿ.ಎಸ್./ಟೆಂಡರ್/ಸಿವಿಲ್/2025-26
ದಿನಾಂಕ : 06-09-2025
ಟೆಂಡರ್ ಪ್ರಕಟಣೆ
ವ್ಯವಸ್ಥಾಪಕ ನಿರ್ದೇಶಕರು, ಹುಬ್ಬಳ್ಳಿ-ಧಾರವಾಡ ಬಿಆರ್‌ಟಿಎಸ್ ಕಂಪನಿ ನಿಯಮಿತ, ಹುಬ್ಬಳ್ಳಿ ಇವರು ಅರ್ಹ ಗುತ್ತಿಗೆದಾರರಿಂದ ಇ-ಪ್ರೊಕ್ಯೂರ್‌ಮೆಂಟ್ ಮೂಲಕ ಟೆಂಡರ್ ಆಹ್ವಾನಿಸಿದೆ. ಹೆಚ್ಚಿನ ಮಾಹಿತಿಗಾಗಿ https://kppp.karnataka.gov.in ವೆಬ್‌ಸೈಟ್ ನೋಡಬಹುದು. ಬಿಡ್ ಸಲ್ಲಿಸಲು ಕೊನೆಯ ದಿನಾಂಕ: 22-09-2025 ಸಂಜೆ 5.00 ಗಂಟೆಯವರೆಗೆ.
ಸಹಿ/- ಪ್ರಧಾನ ವ್ಯವಸ್ಥಾಪಕರು (ಸಿವಿಲ್), ಹುಬ್ಬಳ್ಳಿ-ಧಾರವಾಡ ಬಿಆರ್‌ಟಿಎಸ್ ಕಂ.ನಿ., ಹುಬ್ಬಳ್ಳಿ.
ವಾರ್ತಾ/ಜಾಹೀರಾತು/44/ಡಿಸಿಸಿ/2025-26
Edited, Printed and Published by B.T. Amuthan on behalf of M/s Karnataka News Publications (P) Ltd., Printed at No. 12-3-221 Rajendra Gunj (apmc) Near Old SBI Bank Building, Raichur-584102. RNI No. KARKAN/2008/26484 Postal Regd No. 52/2012-2014
